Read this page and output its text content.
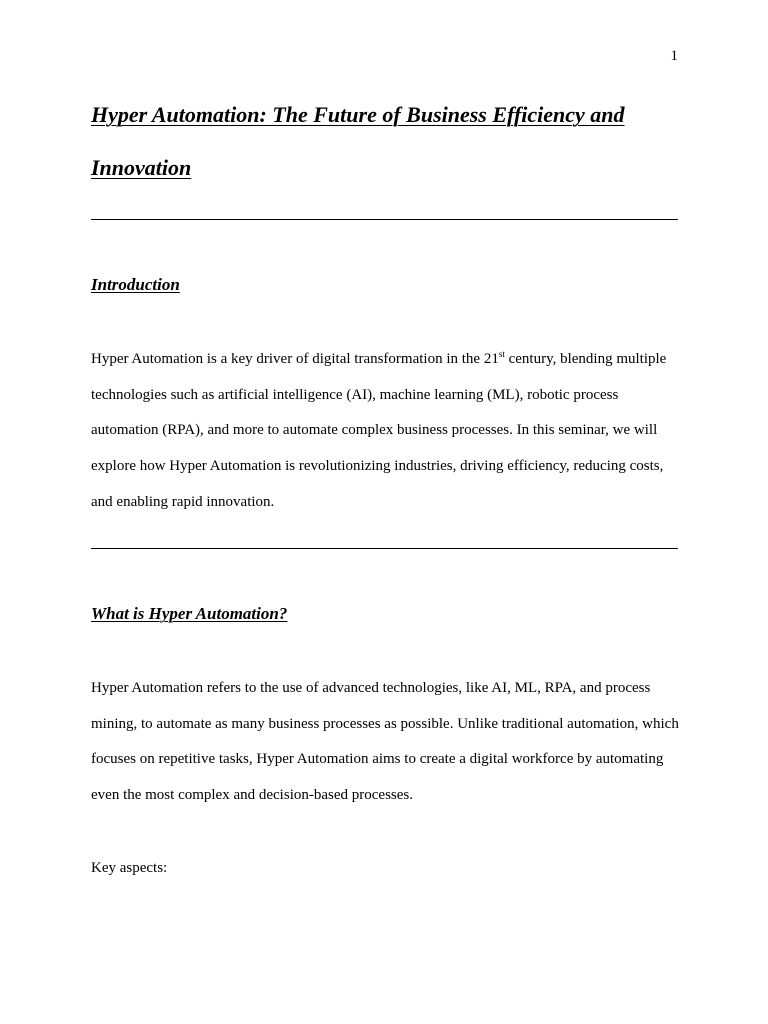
1
Hyper Automation: The Future of Business Efficiency and Innovation
Introduction

Hyper Automation is a key driver of digital transformation in the 21st century, blending multiple technologies such as artificial intelligence (AI), machine learning (ML), robotic process automation (RPA), and more to automate complex business processes. In this seminar, we will explore how Hyper Automation is revolutionizing industries, driving efficiency, reducing costs, and enabling rapid innovation.

What is Hyper Automation?

Hyper Automation refers to the use of advanced technologies, like AI, ML, RPA, and process mining, to automate as many business processes as possible. Unlike traditional automation, which focuses on repetitive tasks, Hyper Automation aims to create a digital workforce by automating even the most complex and decision-based processes.

Key aspects:
